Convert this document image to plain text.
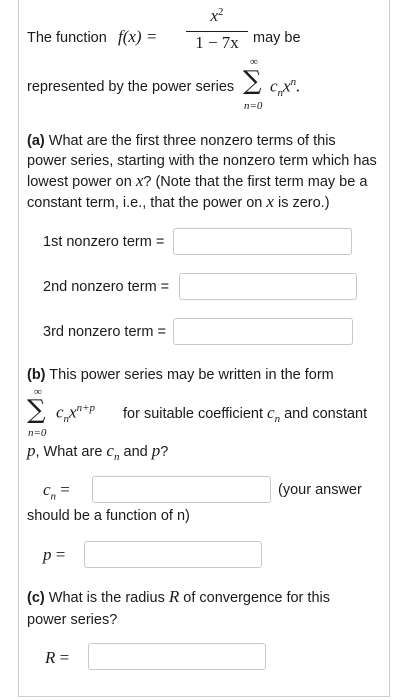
The function f(x) =
$x^2$
1 − 7x may be
represented by the power series
∞
∑
n=0
$c_nx^n$.
(a) What are the first three nonzero terms of this power series, starting with the nonzero term which has lowest power on x? (Note that the first term may be a constant term, i.e., that the power on x is zero.)
1st nonzero term =
2nd nonzero term =
3rd nonzero term =
(b) This power series may be written in the form
∞
∑
n=0
$c_nx^{n+p}$ for suitable coefficient $c_n$ and constant
p, What are $c_n$ and p?
$c_n$ =	(your answer
should be a function of n)
p =
(c) What is the radius R of convergence for this power series?
R =
